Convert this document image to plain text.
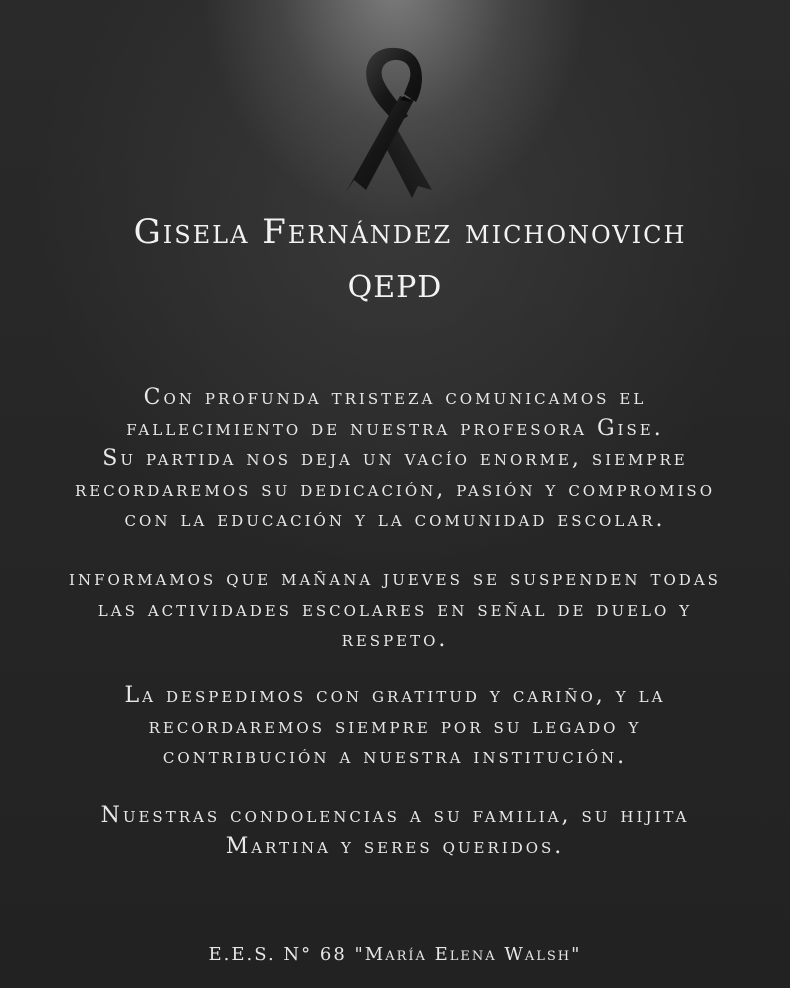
Gisela Fernández michonovich
QEPD
Con profunda tristeza comunicamos el
fallecimiento de nuestra profesora Gise.
Su partida nos deja un vacío enorme, siempre
recordaremos su dedicación, pasión y compromiso
con la educación y la comunidad escolar.
informamos que mañana jueves se suspenden todas
las actividades escolares en señal de duelo y
respeto.
La despedimos con gratitud y cariño, y la
recordaremos siempre por su legado y
contribución a nuestra institución.
Nuestras condolencias a su familia, su hijita
Martina y seres queridos.
E.E.S. N° 68 "María Elena Walsh"
